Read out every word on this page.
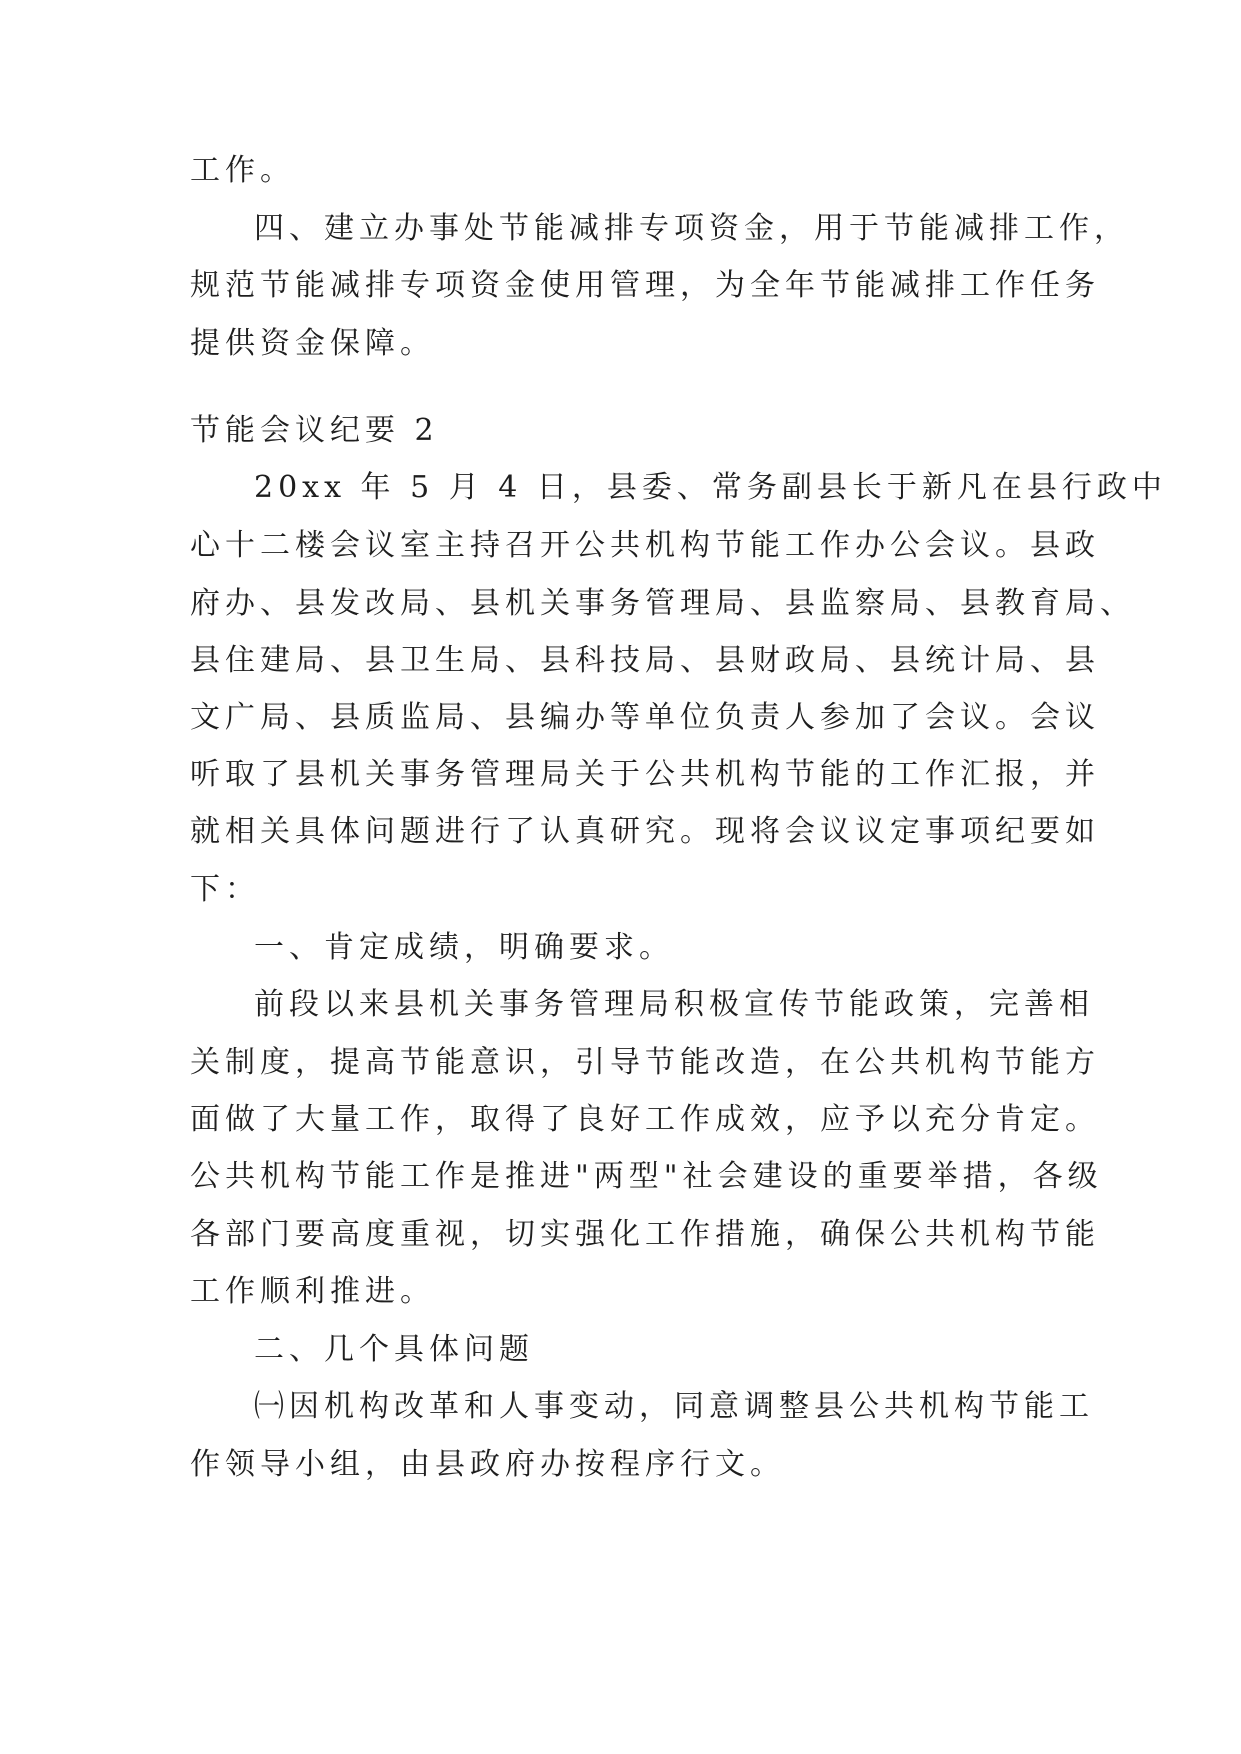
工作。
四、建立办事处节能减排专项资金，用于节能减排工作，
规范节能减排专项资金使用管理，为全年节能减排工作任务
提供资金保障。
节能会议纪要 2
20xx 年 5 月 4 日，县委、常务副县长于新凡在县行政中
心十二楼会议室主持召开公共机构节能工作办公会议。县政
府办、县发改局、县机关事务管理局、县监察局、县教育局、
县住建局、县卫生局、县科技局、县财政局、县统计局、县
文广局、县质监局、县编办等单位负责人参加了会议。会议
听取了县机关事务管理局关于公共机构节能的工作汇报，并
就相关具体问题进行了认真研究。现将会议议定事项纪要如
下：
一、肯定成绩，明确要求。
前段以来县机关事务管理局积极宣传节能政策，完善相
关制度，提高节能意识，引导节能改造，在公共机构节能方
面做了大量工作，取得了良好工作成效，应予以充分肯定。
公共机构节能工作是推进"两型"社会建设的重要举措，各级
各部门要高度重视，切实强化工作措施，确保公共机构节能
工作顺利推进。
二、几个具体问题
㈠因机构改革和人事变动，同意调整县公共机构节能工
作领导小组，由县政府办按程序行文。
